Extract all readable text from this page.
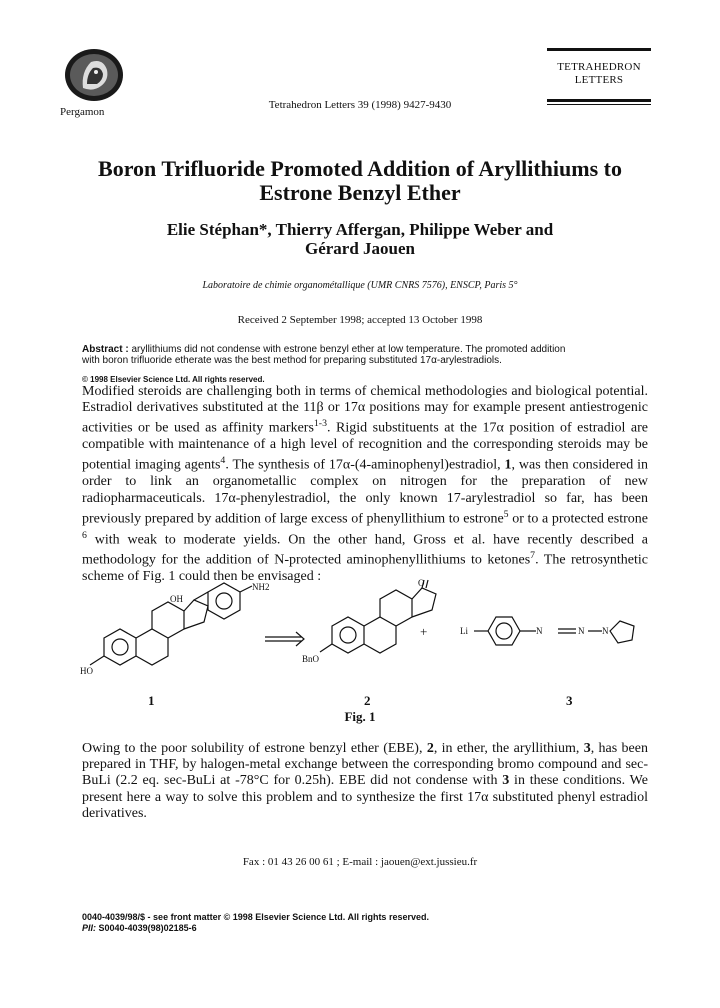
Pergamon
Tetrahedron Letters 39 (1998) 9427-9430
TETRAHEDRON
LETTERS
Boron Trifluoride Promoted Addition of Aryllithiums to
Estrone Benzyl Ether
Elie Stéphan*, Thierry Affergan, Philippe Weber and
Gérard Jaouen
Laboratoire de chimie organométallique (UMR CNRS 7576), ENSCP, Paris 5°
Received 2 September 1998; accepted 13 October 1998
Abstract : aryllithiums did not condense with estrone benzyl ether at low temperature. The promoted addition
with boron trifluoride etherate was the best method for preparing substituted 17α-arylestradiols.
© 1998 Elsevier Science Ltd. All rights reserved.
Modified steroids are challenging both in terms of chemical methodologies and biological potential. Estradiol derivatives substituted at the 11β or 17α positions may for example present antiestrogenic activities or be used as affinity markers$^{1-3}$. Rigid substituents at the 17α position of estradiol are compatible with maintenance of a high level of recognition and the corresponding steroids may be potential imaging agents$^4$. The synthesis of 17α-(4-aminophenyl)estradiol, 1, was then considered in order to link an organometallic complex on nitrogen for the preparation of new radiopharmaceuticals. 17α-phenylestradiol, the only known 17-arylestradiol so far, has been previously prepared by addition of large excess of phenyllithium to estrone$^5$ or to a protected estrone $^6$ with weak to moderate yields. On the other hand, Gross et al. have recently described a methodology for the addition of N-protected aminophenyllithiums to ketones$^7$. The retrosynthetic scheme of Fig. 1 could then be envisaged :
NH2
OH
HO
O
BnO
Li	N	N N
+
1	2	3
Fig. 1
Owing to the poor solubility of estrone benzyl ether (EBE), 2, in ether, the aryllithium, 3, has been prepared in THF, by halogen-metal exchange between the corresponding bromo compound and sec-BuLi (2.2 eq. sec-BuLi at -78°C for 0.25h). EBE did not condense with 3 in these conditions. We present here a way to solve this problem and to synthesize the first 17α substituted phenyl estradiol derivatives.
Fax : 01 43 26 00 61 ; E-mail : jaouen@ext.jussieu.fr
0040-4039/98/$ - see front matter © 1998 Elsevier Science Ltd. All rights reserved.
PII: S0040-4039(98)02185-6
